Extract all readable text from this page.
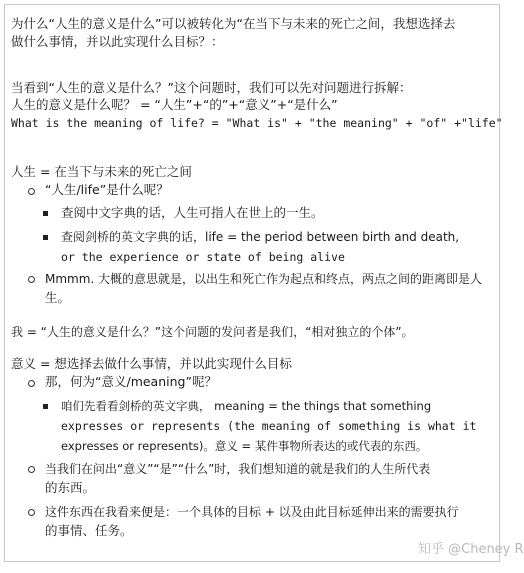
为什么“人生的意义是什么”可以被转化为“在当下与未来的死亡之间，我想选择去
做什么事情，并以此实现什么目标？：
当看到“人生的意义是什么？”这个问题时，我们可以先对问题进行拆解：
人生的意义是什么呢？ = “人生”+“的”+“意义”+“是什么”
What is the meaning of life? = "What is" + "the meaning" + "of" +"life"
人生 = 在当下与未来的死亡之间
“人生/life”是什么呢？
查阅中文字典的话，人生可指人在世上的一生。
查阅剑桥的英文字典的话，life = the period between birth and death,
or the experience or state of being alive
Mmmm. 大概的意思就是，以出生和死亡作为起点和终点，两点之间的距离即是人
生。
我 = “人生的意义是什么？”这个问题的发问者是我们，“相对独立的个体”。
意义 = 想选择去做什么事情，并以此实现什么目标
那，何为“意义/meaning”呢？
咱们先看看剑桥的英文字典， meaning = the things that something
expresses or represents (the meaning of something is what it
expresses or represents)。意义 = 某件事物所表达的或代表的东西。
当我们在问出“意义”“是”“什么”时，我们想知道的就是我们的人生所代表
的东西。
这件东西在我看来便是：一个具体的目标 + 以及由此目标延伸出来的需要执行
的事情、任务。
知乎 @Cheney R
